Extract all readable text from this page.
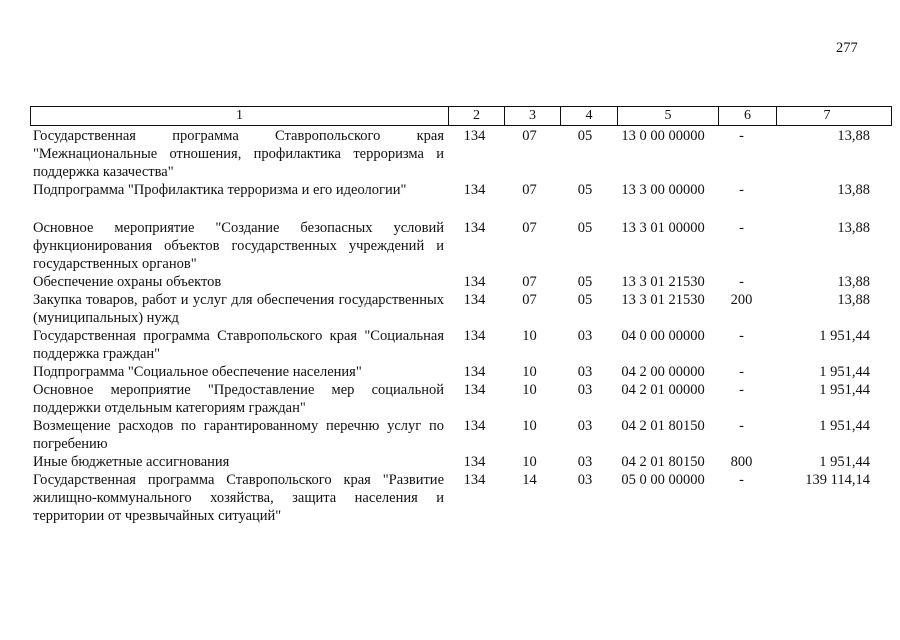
277
1	2	3	4	5	6	7
Государственная программа Ставропольского края "Межнациональные отношения, профилактика терроризма и поддержка казачества"	134	07	05	13 0 00 00000	-	13,88

Подпрограмма "Профилактика терроризма и его идеологии"	134	07	05	13 3 00 00000	-	13,88

Основное мероприятие "Создание безопасных условий функционирования объектов государственных учреждений и государственных органов"	134	07	05	13 3 01 00000	-	13,88

Обеспечение охраны объектов	134	07	05	13 3 01 21530	-	13,88

Закупка товаров, работ и услуг для обеспечения государственных (муниципальных) нужд	134	07	05	13 3 01 21530	200	13,88

Государственная программа Ставропольского края "Социальная поддержка граждан"	134	10	03	04 0 00 00000	-	1 951,44

Подпрограмма "Социальное обеспечение населения"	134	10	03	04 2 00 00000	-	1 951,44

Основное мероприятие "Предоставление мер социальной поддержки отдельным категориям граждан"	134	10	03	04 2 01 00000	-	1 951,44

Возмещение расходов по гарантированному перечню услуг по погребению	134	10	03	04 2 01 80150	-	1 951,44

Иные бюджетные ассигнования	134	10	03	04 2 01 80150	800	1 951,44

Государственная программа Ставропольского края "Развитие жилищно-коммунального хозяйства, защита населения и территории от чрезвычайных ситуаций"	134	14	03	05 0 00 00000	-	139 114,14
